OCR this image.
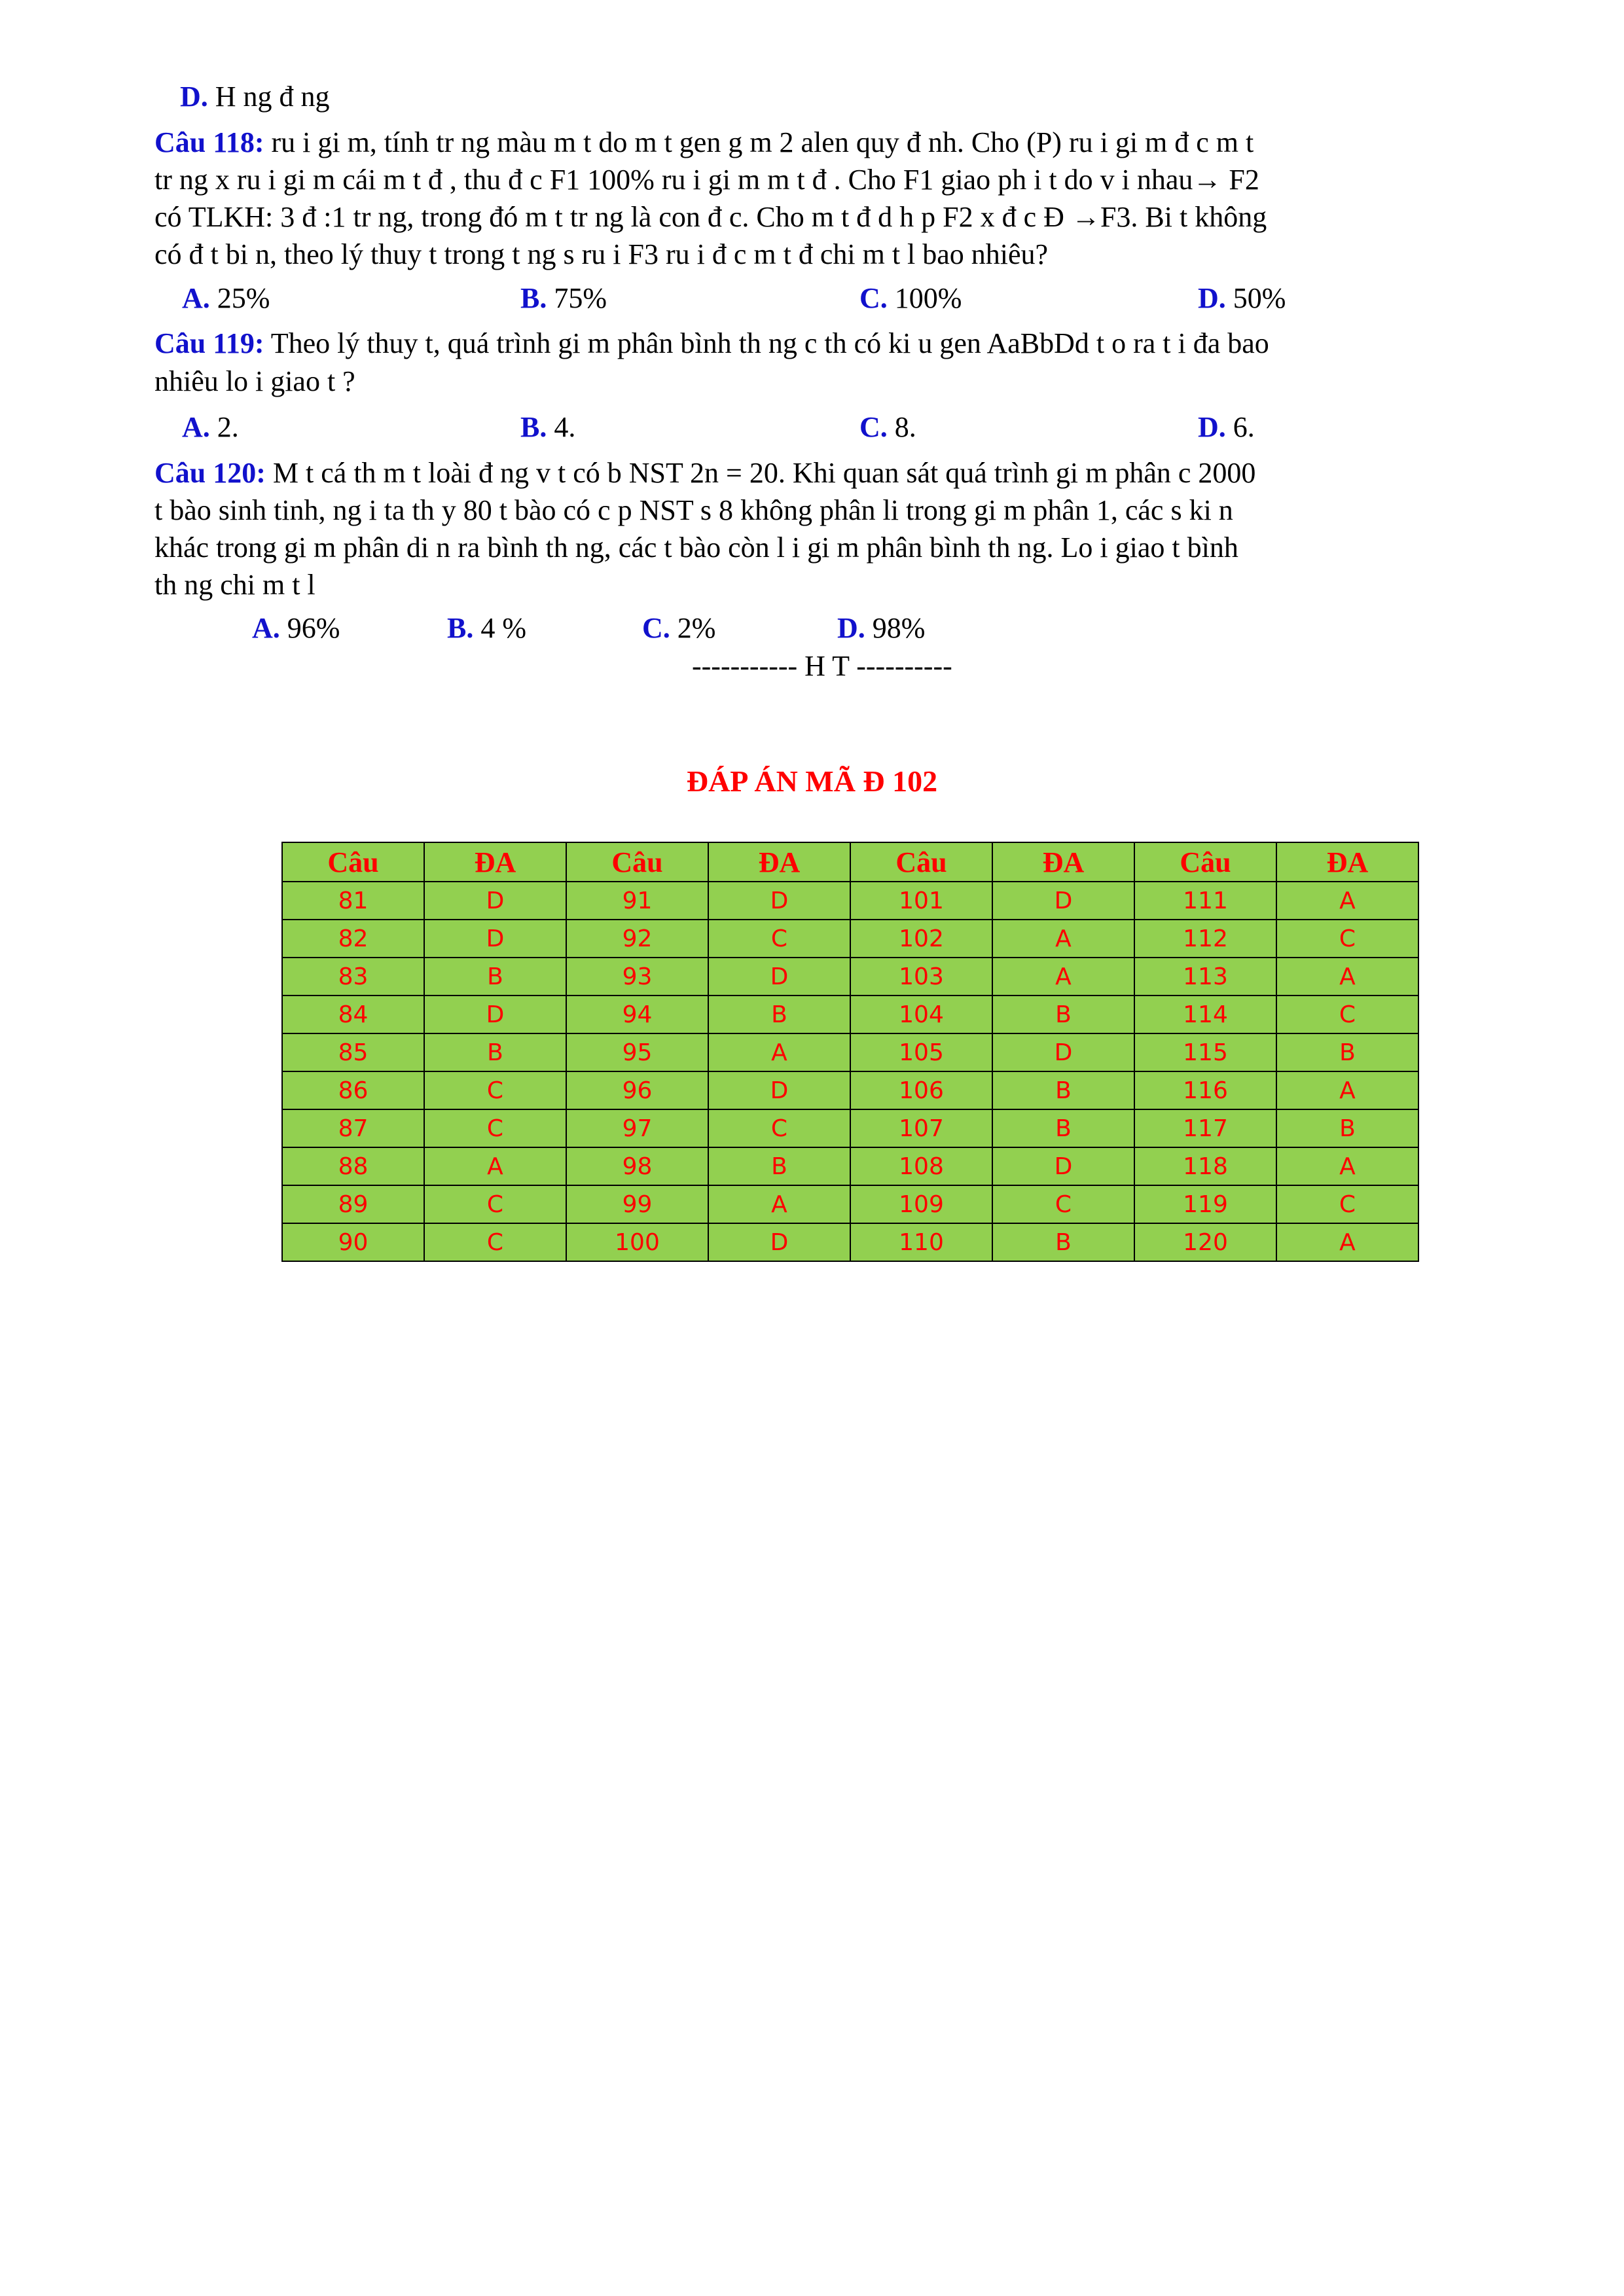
D. H ng đ ng
Câu 118: ru i gi m, tính tr ng màu m t do m t gen g m 2 alen quy đ nh. Cho (P) ru i gi m đ c m t
tr ng x ru i gi m cái m t đ , thu đ c F1 100% ru i gi m m t đ . Cho F1 giao ph i t do v i nhau→ F2
có TLKH: 3 đ :1 tr ng, trong đó m t tr ng là con đ c. Cho m t đ d h p F2 x đ c Đ →F3. Bi t không
có đ t bi n, theo lý thuy t trong t ng s ru i F3 ru i đ c m t đ chi m t l bao nhiêu?
A. 25%	B. 75%	C. 100%	D. 50%
Câu 119: Theo lý thuy t, quá trình gi m phân bình th ng c th có ki u gen AaBbDd t o ra t i đa bao
nhiêu lo i giao t ?
A. 2.	B. 4.	C. 8.	D. 6.
Câu 120: M t cá th m t loài đ ng v t có b NST 2n = 20. Khi quan sát quá trình gi m phân c 2000
t bào sinh tinh, ng i ta th y 80 t bào có c p NST s 8 không phân li trong gi m phân 1, các s ki n
khác trong gi m phân di n ra bình th ng, các t bào còn l i gi m phân bình th ng. Lo i giao t bình
th ng chi m t l
A. 96%	B. 4 %	C. 2%	D. 98%
----------- H T ----------
ĐÁP ÁN MÃ Đ 102
Câu	ĐA	Câu	ĐA	Câu	ĐA	Câu	ĐA
81	D	91	D	101	D	111	A
82	D	92	C	102	A	112	C
83	B	93	D	103	A	113	A
84	D	94	B	104	B	114	C
85	B	95	A	105	D	115	B
86	C	96	D	106	B	116	A
87	C	97	C	107	B	117	B
88	A	98	B	108	D	118	A
89	C	99	A	109	C	119	C
90	C	100	D	110	B	120	A
